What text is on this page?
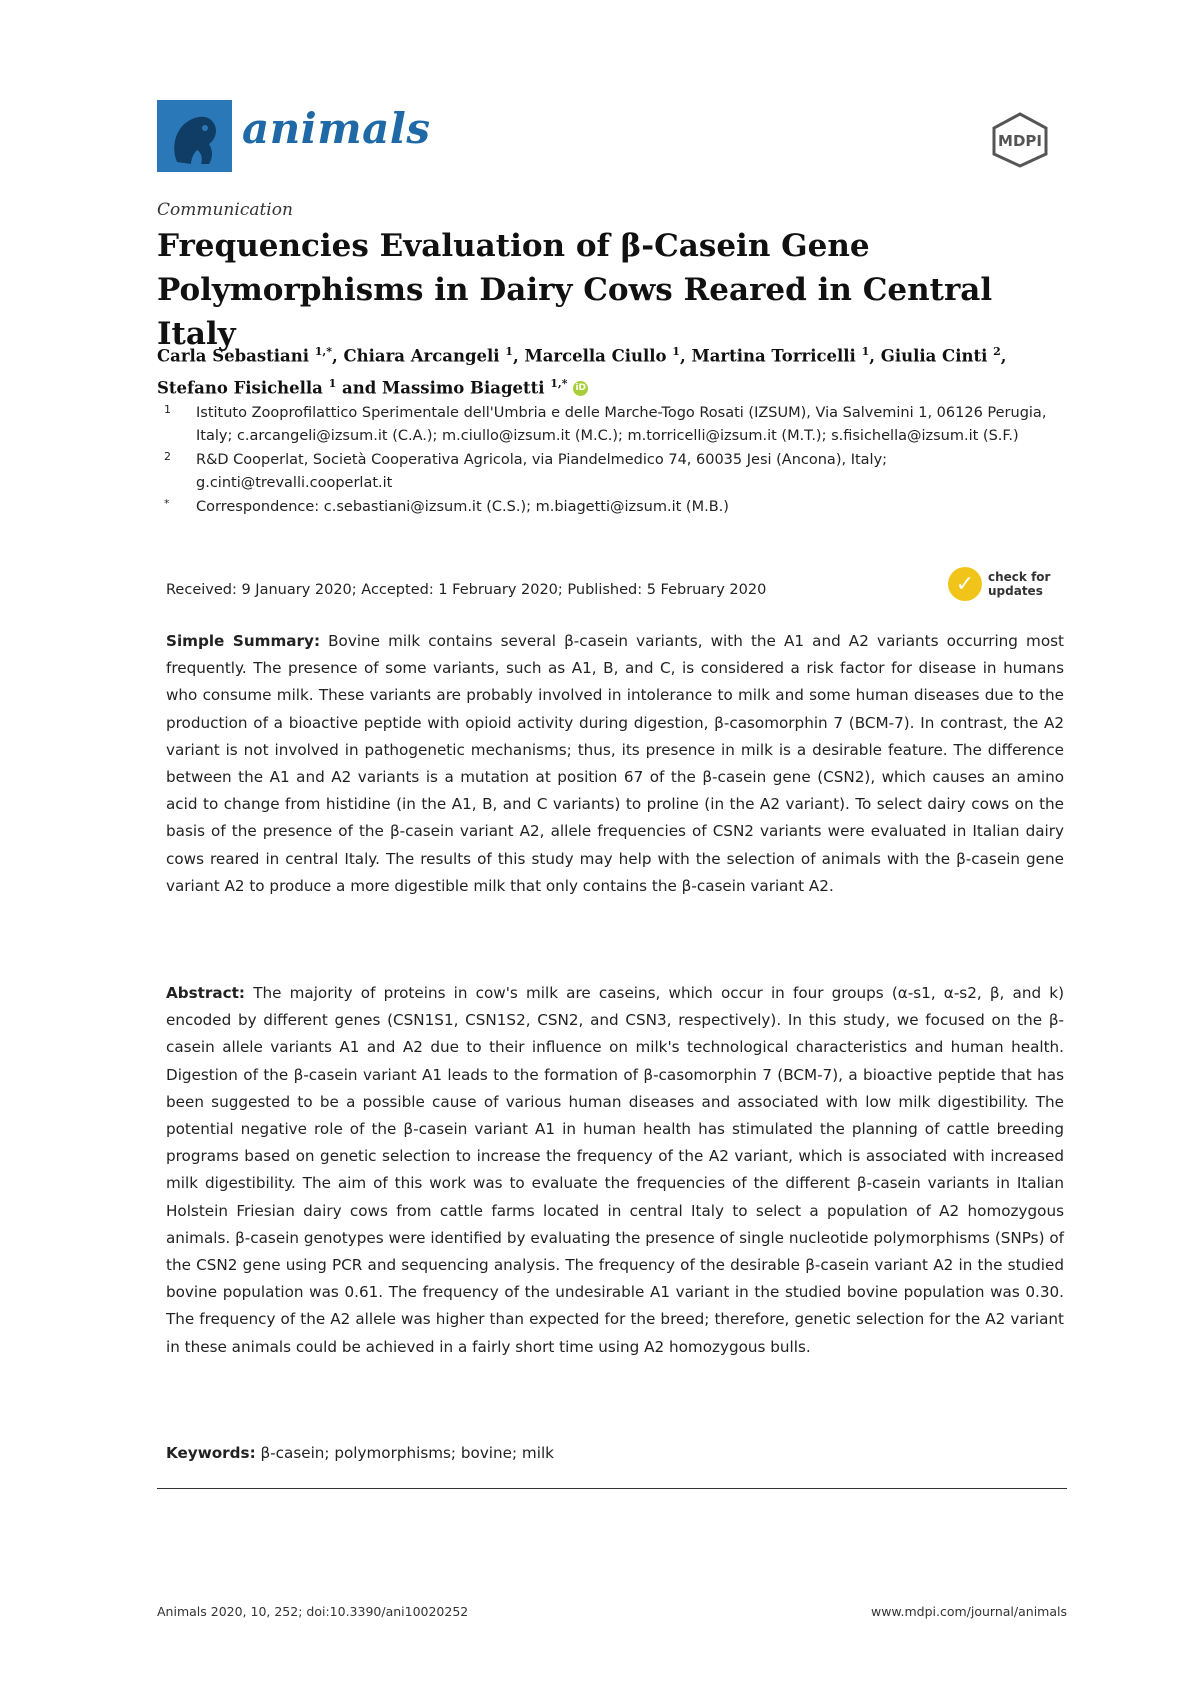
animals	MDPI
Communication
Frequencies Evaluation of β-Casein Gene Polymorphisms in Dairy Cows Reared in Central Italy
Carla Sebastiani $^{1,*}$, Chiara Arcangeli $^1$, Marcella Ciullo $^1$, Martina Torricelli $^1$, Giulia Cinti $^2$,
Stefano Fisichella $^1$ and Massimo Biagetti $^{1,*}$ iD
1	Istituto Zooprofilattico Sperimentale dell'Umbria e delle Marche-Togo Rosati (IZSUM), Via Salvemini 1, 06126 Perugia, Italy; c.arcangeli@izsum.it (C.A.); m.ciullo@izsum.it (M.C.); m.torricelli@izsum.it (M.T.); s.fisichella@izsum.it (S.F.)
2	R&D Cooperlat, Società Cooperativa Agricola, via Piandelmedico 74, 60035 Jesi (Ancona), Italy; g.cinti@trevalli.cooperlat.it
*	Correspondence: c.sebastiani@izsum.it (C.S.); m.biagetti@izsum.it (M.B.)
Received: 9 January 2020; Accepted: 1 February 2020; Published: 5 February 2020	✓	check for
updates
Simple Summary: Bovine milk contains several β-casein variants, with the A1 and A2 variants occurring most frequently. The presence of some variants, such as A1, B, and C, is considered a risk factor for disease in humans who consume milk. These variants are probably involved in intolerance to milk and some human diseases due to the production of a bioactive peptide with opioid activity during digestion, β-casomorphin 7 (BCM-7). In contrast, the A2 variant is not involved in pathogenetic mechanisms; thus, its presence in milk is a desirable feature. The difference between the A1 and A2 variants is a mutation at position 67 of the β-casein gene (CSN2), which causes an amino acid to change from histidine (in the A1, B, and C variants) to proline (in the A2 variant). To select dairy cows on the basis of the presence of the β-casein variant A2, allele frequencies of CSN2 variants were evaluated in Italian dairy cows reared in central Italy. The results of this study may help with the selection of animals with the β-casein gene variant A2 to produce a more digestible milk that only contains the β-casein variant A2.
Abstract: The majority of proteins in cow's milk are caseins, which occur in four groups (α-s1, α-s2, β, and k) encoded by different genes (CSN1S1, CSN1S2, CSN2, and CSN3, respectively). In this study, we focused on the β-casein allele variants A1 and A2 due to their influence on milk's technological characteristics and human health. Digestion of the β-casein variant A1 leads to the formation of β-casomorphin 7 (BCM-7), a bioactive peptide that has been suggested to be a possible cause of various human diseases and associated with low milk digestibility. The potential negative role of the β-casein variant A1 in human health has stimulated the planning of cattle breeding programs based on genetic selection to increase the frequency of the A2 variant, which is associated with increased milk digestibility. The aim of this work was to evaluate the frequencies of the different β-casein variants in Italian Holstein Friesian dairy cows from cattle farms located in central Italy to select a population of A2 homozygous animals. β-casein genotypes were identified by evaluating the presence of single nucleotide polymorphisms (SNPs) of the CSN2 gene using PCR and sequencing analysis. The frequency of the desirable β-casein variant A2 in the studied bovine population was 0.61. The frequency of the undesirable A1 variant in the studied bovine population was 0.30. The frequency of the A2 allele was higher than expected for the breed; therefore, genetic selection for the A2 variant in these animals could be achieved in a fairly short time using A2 homozygous bulls.
Keywords: β-casein; polymorphisms; bovine; milk
Animals 2020, 10, 252; doi:10.3390/ani10020252	www.mdpi.com/journal/animals
